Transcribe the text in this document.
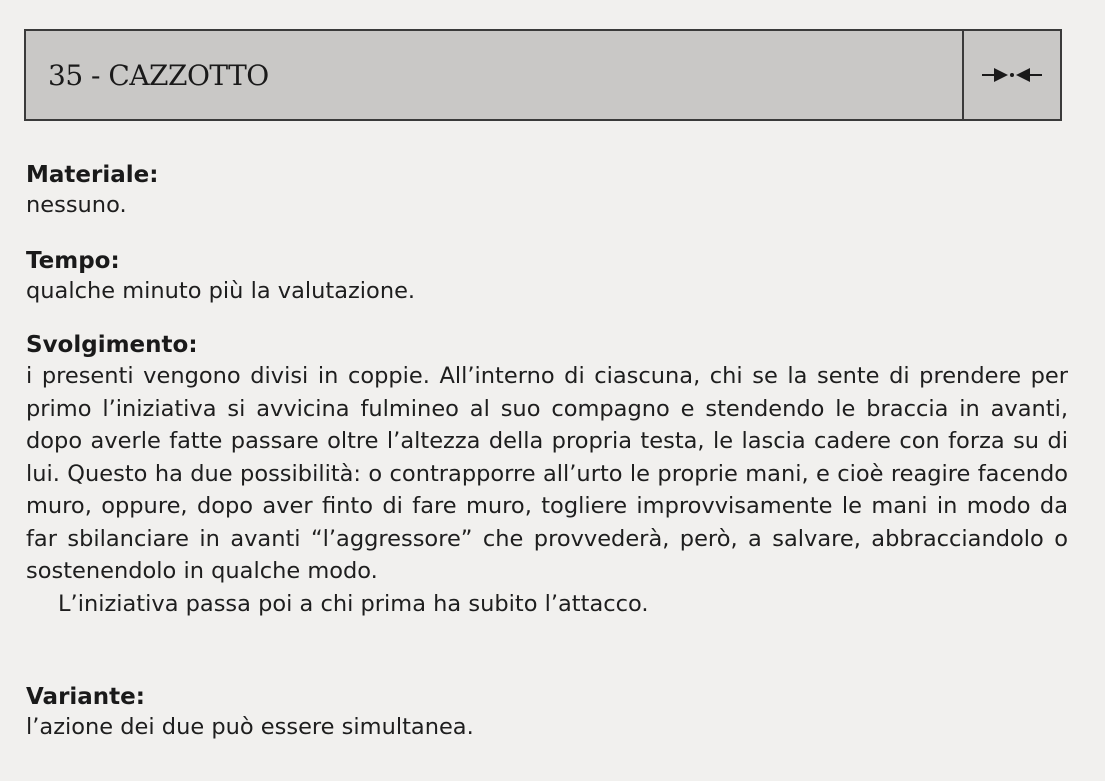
35 - CAZZOTTO
Materiale:
nessuno.
Tempo:
qualche minuto più la valutazione.
Svolgimento:
i presenti vengono divisi in coppie. All’interno di ciascuna, chi se la sente di prendere per primo l’iniziativa si avvicina fulmineo al suo compagno e stendendo le braccia in avanti, dopo averle fatte passare oltre l’altezza della propria testa, le lascia cadere con forza su di lui. Questo ha due possibilità: o contrapporre all’urto le proprie mani, e cioè reagire facendo muro, oppure, dopo aver finto di fare muro, togliere improvvisamente le mani in modo da far sbilanciare in avanti “l’aggressore” che provvederà, però, a salvare, abbracciandolo o sostenendolo in qualche modo.
L’iniziativa passa poi a chi prima ha subito l’attacco.
Variante:
l’azione dei due può essere simultanea.
